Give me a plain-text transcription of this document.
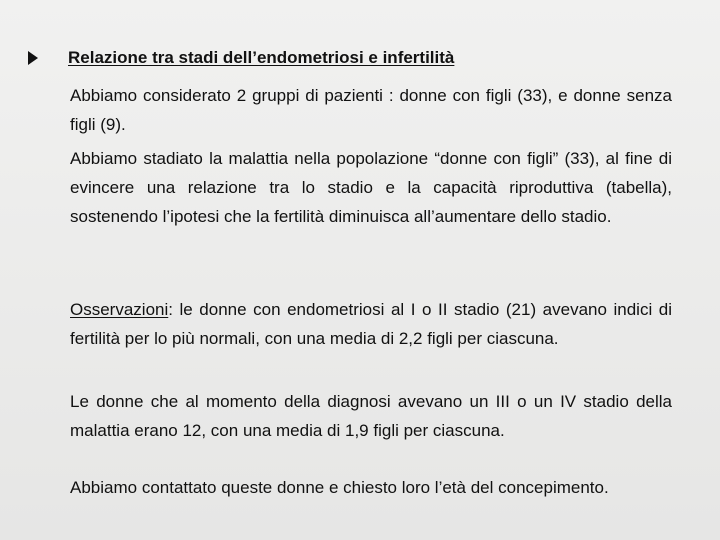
Relazione tra stadi dell’endometriosi e infertilità

Abbiamo considerato 2 gruppi di pazienti : donne con figli (33), e donne senza figli (9).

Abbiamo stadiato la malattia nella popolazione “donne con figli” (33), al fine di evincere una relazione tra lo stadio e la capacità riproduttiva (tabella), sostenendo l’ipotesi che la fertilità diminuisca all’aumentare dello stadio.

Osservazioni: le donne con endometriosi al I o II stadio (21) avevano indici di fertilità per lo più normali, con una media di 2,2 figli per ciascuna.

Le donne che al momento della diagnosi avevano un III o un IV stadio della malattia erano 12, con una media di 1,9 figli per ciascuna.

Abbiamo contattato queste donne e chiesto loro l’età del concepimento.
